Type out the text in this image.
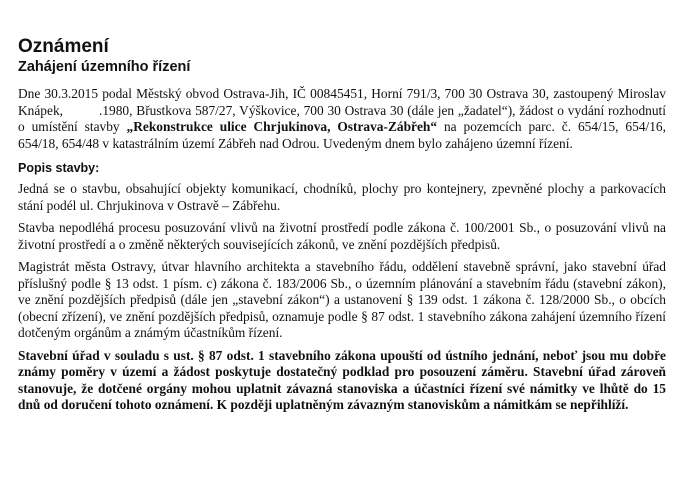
Oznámení
Zahájení územního řízení

Dne 30.3.2015 podal Městský obvod Ostrava-Jih, IČ 00845451, Horní 791/3, 700 30 Ostrava 30, zastoupený Miroslav Knápek,	.1980, Břustkova 587/27, Výškovice, 700 30 Ostrava 30 (dále jen „žadatel“), žádost o vydání rozhodnutí o umístění stavby „Rekonstrukce ulice Chrjukinova, Ostrava-Zábřeh“ na pozemcích parc. č. 654/15, 654/16, 654/18, 654/48 v katastrálním území Zábřeh nad Odrou. Uvedeným dnem bylo zahájeno územní řízení.

Popis stavby:

Jedná se o stavbu, obsahující objekty komunikací, chodníků, plochy pro kontejnery, zpevněné plochy a parkovacích stání podél ul. Chrjukinova v Ostravě – Zábřehu.

Stavba nepodléhá procesu posuzování vlivů na životní prostředí podle zákona č. 100/2001 Sb., o posuzování vlivů na životní prostředí a o změně některých souvisejících zákonů, ve znění pozdějších předpisů.

Magistrát města Ostravy, útvar hlavního architekta a stavebního řádu, oddělení stavebně správní, jako stavební úřad příslušný podle § 13 odst. 1 písm. c) zákona č. 183/2006 Sb., o územním plánování a stavebním řádu (stavební zákon), ve znění pozdějších předpisů (dále jen „stavební zákon“) a ustanovení § 139 odst. 1 zákona č. 128/2000 Sb., o obcích (obecní zřízení), ve znění pozdějších předpisů, oznamuje podle § 87 odst. 1 stavebního zákona zahájení územního řízení dotčeným orgánům a známým účastníkům řízení.

Stavební úřad v souladu s ust. § 87 odst. 1 stavebního zákona upouští od ústního jednání, neboť jsou mu dobře známy poměry v území a žádost poskytuje dostatečný podklad pro posouzení záměru. Stavební úřad zároveň stanovuje, že dotčené orgány mohou uplatnit závazná stanoviska a účastníci řízení své námitky ve lhůtě do 15 dnů od doručení tohoto oznámení. K později uplatněným závazným stanoviskům a námitkám se nepřihlíží.
